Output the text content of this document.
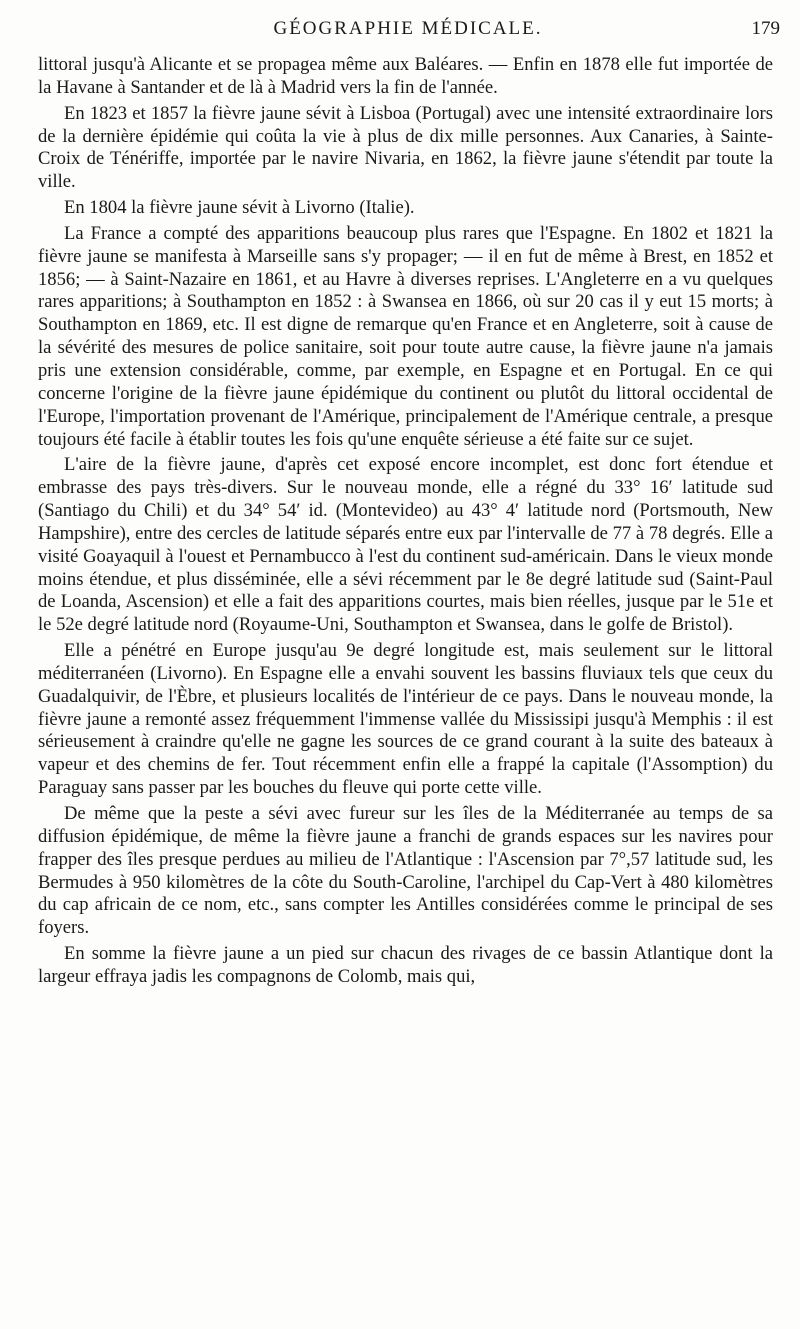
GÉOGRAPHIE MÉDICALE.	179

littoral jusqu'à Alicante et se propagea même aux Baléares. — Enfin en 1878 elle fut importée de la Havane à Santander et de là à Madrid vers la fin de l'année.

En 1823 et 1857 la fièvre jaune sévit à Lisboa (Portugal) avec une intensité extraordinaire lors de la dernière épidémie qui coûta la vie à plus de dix mille personnes. Aux Canaries, à Sainte-Croix de Ténériffe, importée par le navire Nivaria, en 1862, la fièvre jaune s'étendit par toute la ville.

En 1804 la fièvre jaune sévit à Livorno (Italie).

La France a compté des apparitions beaucoup plus rares que l'Espagne. En 1802 et 1821 la fièvre jaune se manifesta à Marseille sans s'y propager; — il en fut de même à Brest, en 1852 et 1856; — à Saint-Nazaire en 1861, et au Havre à diverses reprises. L'Angleterre en a vu quelques rares apparitions; à Southampton en 1852 : à Swansea en 1866, où sur 20 cas il y eut 15 morts; à Southampton en 1869, etc. Il est digne de remarque qu'en France et en Angleterre, soit à cause de la sévérité des mesures de police sanitaire, soit pour toute autre cause, la fièvre jaune n'a jamais pris une extension considérable, comme, par exemple, en Espagne et en Portugal. En ce qui concerne l'origine de la fièvre jaune épidémique du continent ou plutôt du littoral occidental de l'Europe, l'importation provenant de l'Amérique, principalement de l'Amérique centrale, a presque toujours été facile à établir toutes les fois qu'une enquête sérieuse a été faite sur ce sujet.

L'aire de la fièvre jaune, d'après cet exposé encore incomplet, est donc fort étendue et embrasse des pays très-divers. Sur le nouveau monde, elle a régné du 33° 16′ latitude sud (Santiago du Chili) et du 34° 54′ id. (Montevideo) au 43° 4′ latitude nord (Portsmouth, New Hampshire), entre des cercles de latitude séparés entre eux par l'intervalle de 77 à 78 degrés. Elle a visité Goayaquil à l'ouest et Pernambucco à l'est du continent sud-américain. Dans le vieux monde moins étendue, et plus disséminée, elle a sévi récemment par le 8e degré latitude sud (Saint-Paul de Loanda, Ascension) et elle a fait des apparitions courtes, mais bien réelles, jusque par le 51e et le 52e degré latitude nord (Royaume-Uni, Southampton et Swansea, dans le golfe de Bristol).

Elle a pénétré en Europe jusqu'au 9e degré longitude est, mais seulement sur le littoral méditerranéen (Livorno). En Espagne elle a envahi souvent les bassins fluviaux tels que ceux du Guadalquivir, de l'Èbre, et plusieurs localités de l'intérieur de ce pays. Dans le nouveau monde, la fièvre jaune a remonté assez fréquemment l'immense vallée du Mississipi jusqu'à Memphis : il est sérieusement à craindre qu'elle ne gagne les sources de ce grand courant à la suite des bateaux à vapeur et des chemins de fer. Tout récemment enfin elle a frappé la capitale (l'Assomption) du Paraguay sans passer par les bouches du fleuve qui porte cette ville.

De même que la peste a sévi avec fureur sur les îles de la Méditerranée au temps de sa diffusion épidémique, de même la fièvre jaune a franchi de grands espaces sur les navires pour frapper des îles presque perdues au milieu de l'Atlantique : l'Ascension par 7°,57 latitude sud, les Bermudes à 950 kilomètres de la côte du South-Caroline, l'archipel du Cap-Vert à 480 kilomètres du cap africain de ce nom, etc., sans compter les Antilles considérées comme le principal de ses foyers.

En somme la fièvre jaune a un pied sur chacun des rivages de ce bassin Atlantique dont la largeur effraya jadis les compagnons de Colomb, mais qui,
